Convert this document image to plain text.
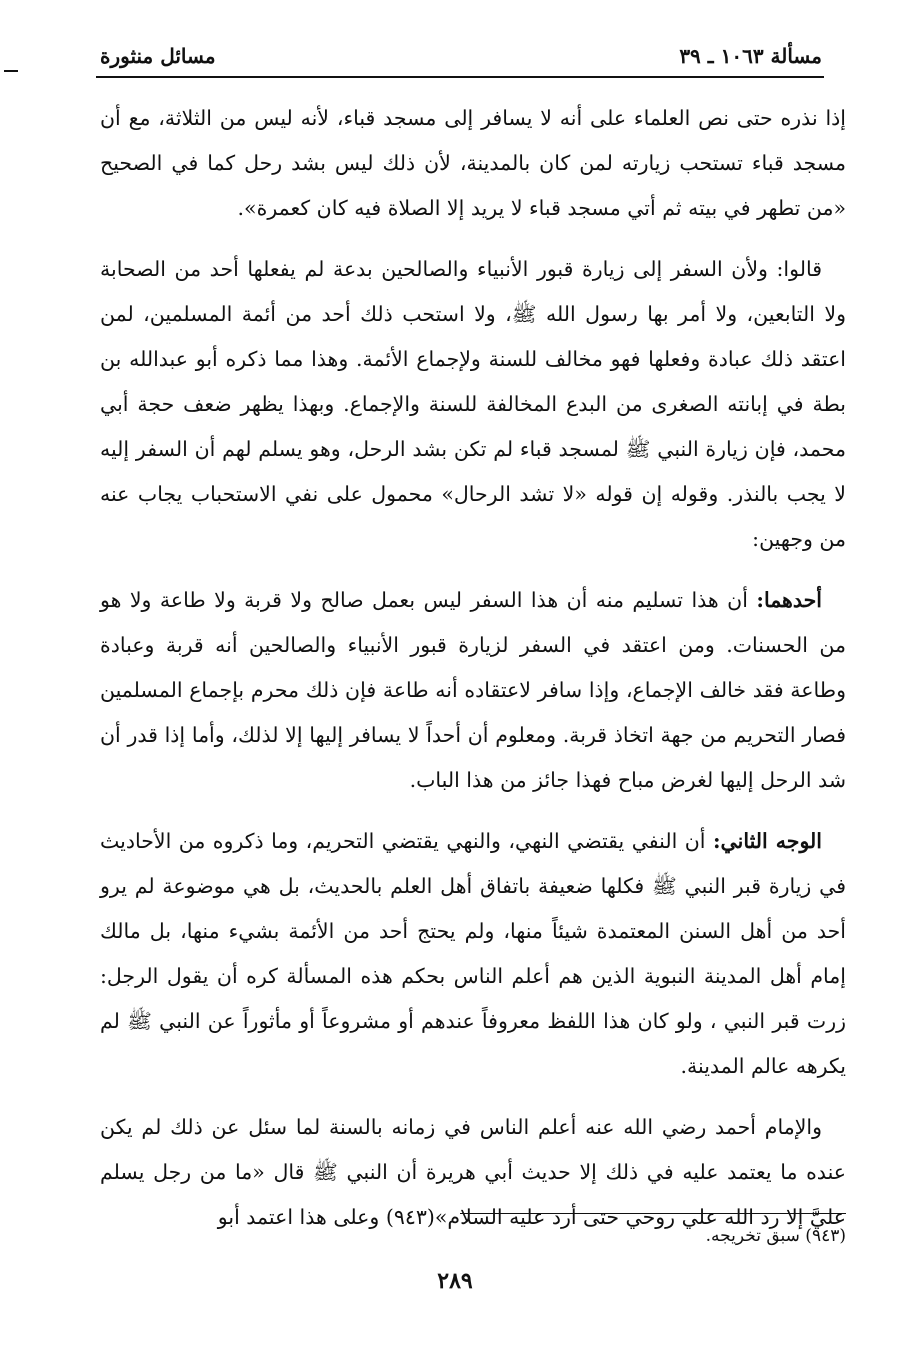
مسألة ١٠٦٣ ـ ٣٩
مسائل منثورة

إذا نذره حتى نص العلماء على أنه لا يسافر إلى مسجد قباء، لأنه ليس من الثلاثة، مع أن مسجد قباء تستحب زيارته لمن كان بالمدينة، لأن ذلك ليس بشد رحل كما في الصحيح «من تطهر في بيته ثم أتي مسجد قباء لا يريد إلا الصلاة فيه كان كعمرة».

قالوا: ولأن السفر إلى زيارة قبور الأنبياء والصالحين بدعة لم يفعلها أحد من الصحابة ولا التابعين، ولا أمر بها رسول الله ﷺ، ولا استحب ذلك أحد من أئمة المسلمين، لمن اعتقد ذلك عبادة وفعلها فهو مخالف للسنة ولإجماع الأئمة. وهذا مما ذكره أبو عبدالله بن بطة في إبانته الصغرى من البدع المخالفة للسنة والإجماع. وبهذا يظهر ضعف حجة أبي محمد، فإن زيارة النبي ﷺ لمسجد قباء لم تكن بشد الرحل، وهو يسلم لهم أن السفر إليه لا يجب بالنذر. وقوله إن قوله «لا تشد الرحال» محمول على نفي الاستحباب يجاب عنه من وجهين:

أحدهما: أن هذا تسليم منه أن هذا السفر ليس بعمل صالح ولا قربة ولا طاعة ولا هو من الحسنات. ومن اعتقد في السفر لزيارة قبور الأنبياء والصالحين أنه قربة وعبادة وطاعة فقد خالف الإجماع، وإذا سافر لاعتقاده أنه طاعة فإن ذلك محرم بإجماع المسلمين فصار التحريم من جهة اتخاذ قربة. ومعلوم أن أحداً لا يسافر إليها إلا لذلك، وأما إذا قدر أن شد الرحل إليها لغرض مباح فهذا جائز من هذا الباب.

الوجه الثاني: أن النفي يقتضي النهي، والنهي يقتضي التحريم، وما ذكروه من الأحاديث في زيارة قبر النبي ﷺ فكلها ضعيفة باتفاق أهل العلم بالحديث، بل هي موضوعة لم يرو أحد من أهل السنن المعتمدة شيئاً منها، ولم يحتج أحد من الأئمة بشيء منها، بل مالك إمام أهل المدينة النبوية الذين هم أعلم الناس بحكم هذه المسألة كره أن يقول الرجل: زرت قبر النبي ، ولو كان هذا اللفظ معروفاً عندهم أو مشروعاً أو مأثوراً عن النبي ﷺ لم يكرهه عالم المدينة.

والإمام أحمد رضي الله عنه أعلم الناس في زمانه بالسنة لما سئل عن ذلك لم يكن عنده ما يعتمد عليه في ذلك إلا حديث أبي هريرة أن النبي ﷺ قال «ما من رجل يسلم عليَّ إلا رد الله علي روحي حتى أرد عليه السلام»(٩٤٣) وعلى هذا اعتمد أبو

(٩٤٣) سبق تخريجه.
٢٨٩
